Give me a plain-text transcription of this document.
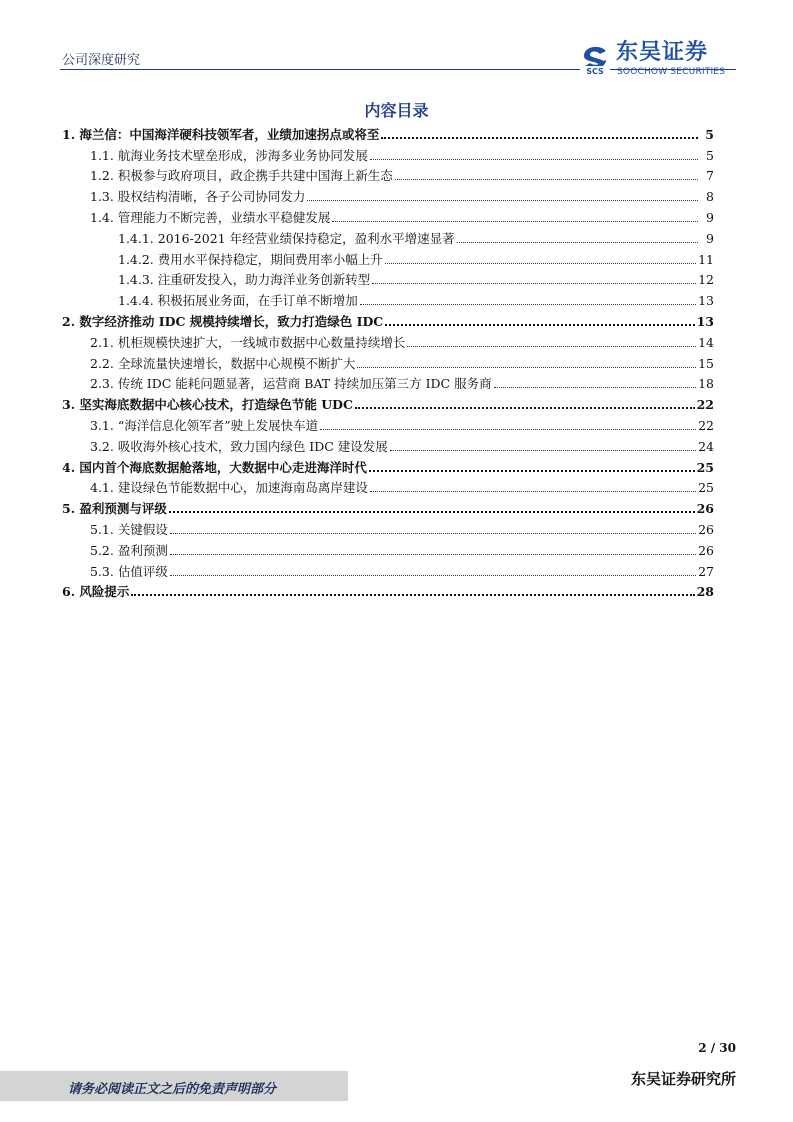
公司深度研究
SCS
东吴证券
SOOCHOW SECURITIES
内容目录
1. 海兰信：中国海洋硬科技领军者，业绩加速拐点或将至	5
1.1. 航海业务技术壁垒形成，涉海多业务协同发展	5
1.2. 积极参与政府项目，政企携手共建中国海上新生态	7
1.3. 股权结构清晰，各子公司协同发力	8
1.4. 管理能力不断完善，业绩水平稳健发展	9
1.4.1. 2016-2021 年经营业绩保持稳定，盈利水平增速显著	9
1.4.2. 费用水平保持稳定，期间费用率小幅上升	11
1.4.3. 注重研发投入，助力海洋业务创新转型	12
1.4.4. 积极拓展业务面，在手订单不断增加	13
2. 数字经济推动 IDC 规模持续增长，致力打造绿色 IDC	13
2.1. 机柜规模快速扩大，一线城市数据中心数量持续增长	14
2.2. 全球流量快速增长，数据中心规模不断扩大	15
2.3. 传统 IDC 能耗问题显著，运营商 BAT 持续加压第三方 IDC 服务商	18
3. 坚实海底数据中心核心技术，打造绿色节能 UDC	22
3.1. “海洋信息化领军者”驶上发展快车道	22
3.2. 吸收海外核心技术，致力国内绿色 IDC 建设发展	24
4. 国内首个海底数据舱落地，大数据中心走进海洋时代	25
4.1. 建设绿色节能数据中心，加速海南岛离岸建设	25
5. 盈利预测与评级	26
5.1. 关键假设	26
5.2. 盈利预测	26
5.3. 估值评级	27
6. 风险提示	28
2 / 30
请务必阅读正文之后的免责声明部分
东吴证券研究所
